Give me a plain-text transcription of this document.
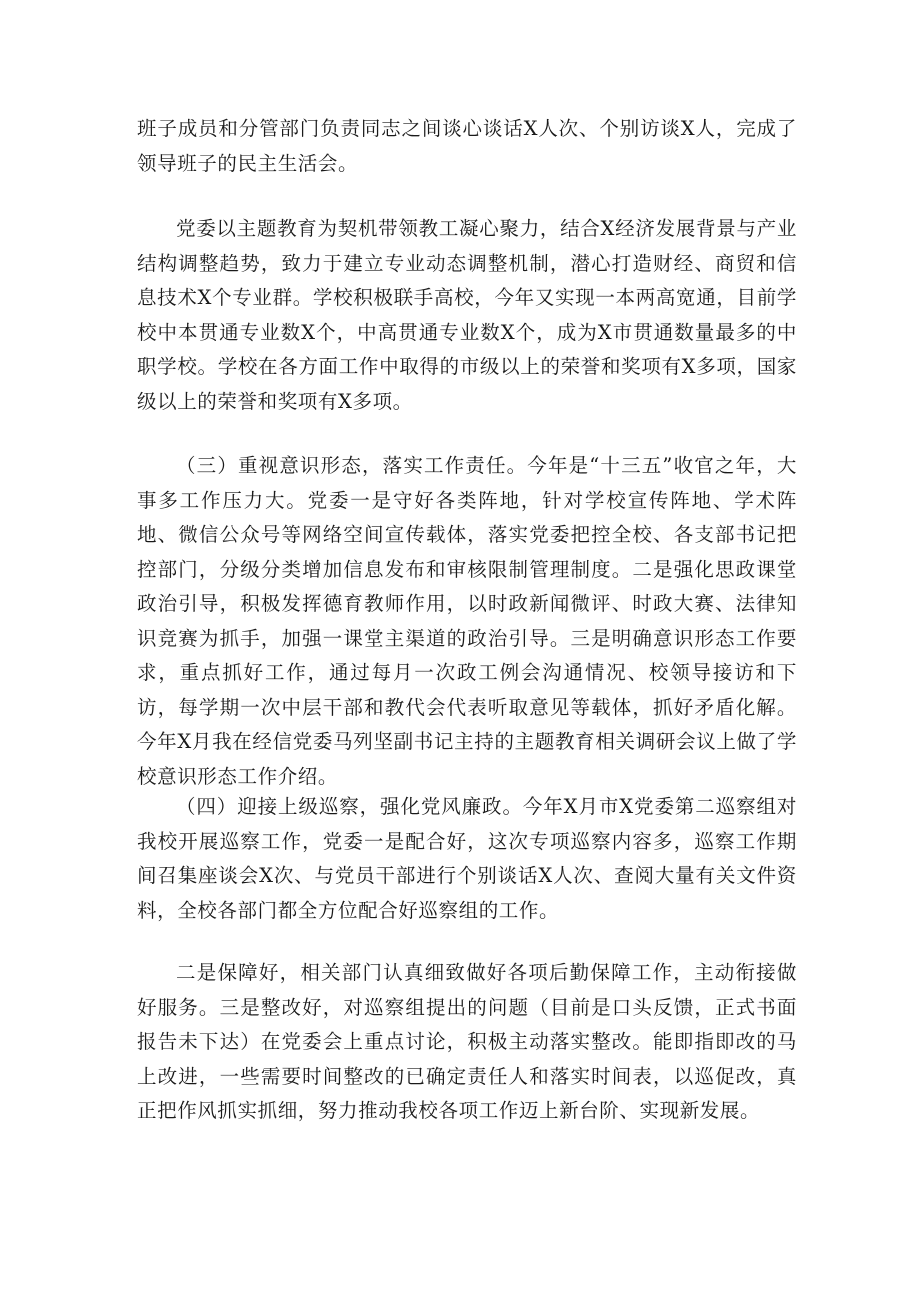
班子成员和分管部门负责同志之间谈心谈话X人次、个别访谈X人，完成了领导班子的民主生活会。

党委以主题教育为契机带领教工凝心聚力，结合X经济发展背景与产业结构调整趋势，致力于建立专业动态调整机制，潜心打造财经、商贸和信息技术X个专业群。学校积极联手高校，今年又实现一本两高宽通，目前学校中本贯通专业数X个，中高贯通专业数X个，成为X市贯通数量最多的中职学校。学校在各方面工作中取得的市级以上的荣誉和奖项有X多项，国家级以上的荣誉和奖项有X多项。

（三）重视意识形态，落实工作责任。今年是“十三五”收官之年，大事多工作压力大。党委一是守好各类阵地，针对学校宣传阵地、学术阵地、微信公众号等网络空间宣传载体，落实党委把控全校、各支部书记把控部门，分级分类增加信息发布和审核限制管理制度。二是强化思政课堂政治引导，积极发挥德育教师作用，以时政新闻微评、时政大赛、法律知识竞赛为抓手，加强一课堂主渠道的政治引导。三是明确意识形态工作要求，重点抓好工作，通过每月一次政工例会沟通情况、校领导接访和下访，每学期一次中层干部和教代会代表听取意见等载体，抓好矛盾化解。今年X月我在经信党委马列坚副书记主持的主题教育相关调研会议上做了学校意识形态工作介绍。

（四）迎接上级巡察，强化党风廉政。今年X月市X党委第二巡察组对我校开展巡察工作，党委一是配合好，这次专项巡察内容多，巡察工作期间召集座谈会X次、与党员干部进行个别谈话X人次、查阅大量有关文件资料，全校各部门都全方位配合好巡察组的工作。

二是保障好，相关部门认真细致做好各项后勤保障工作，主动衔接做好服务。三是整改好，对巡察组提出的问题（目前是口头反馈，正式书面报告未下达）在党委会上重点讨论，积极主动落实整改。能即指即改的马上改进，一些需要时间整改的已确定责任人和落实时间表，以巡促改，真正把作风抓实抓细，努力推动我校各项工作迈上新台阶、实现新发展。
